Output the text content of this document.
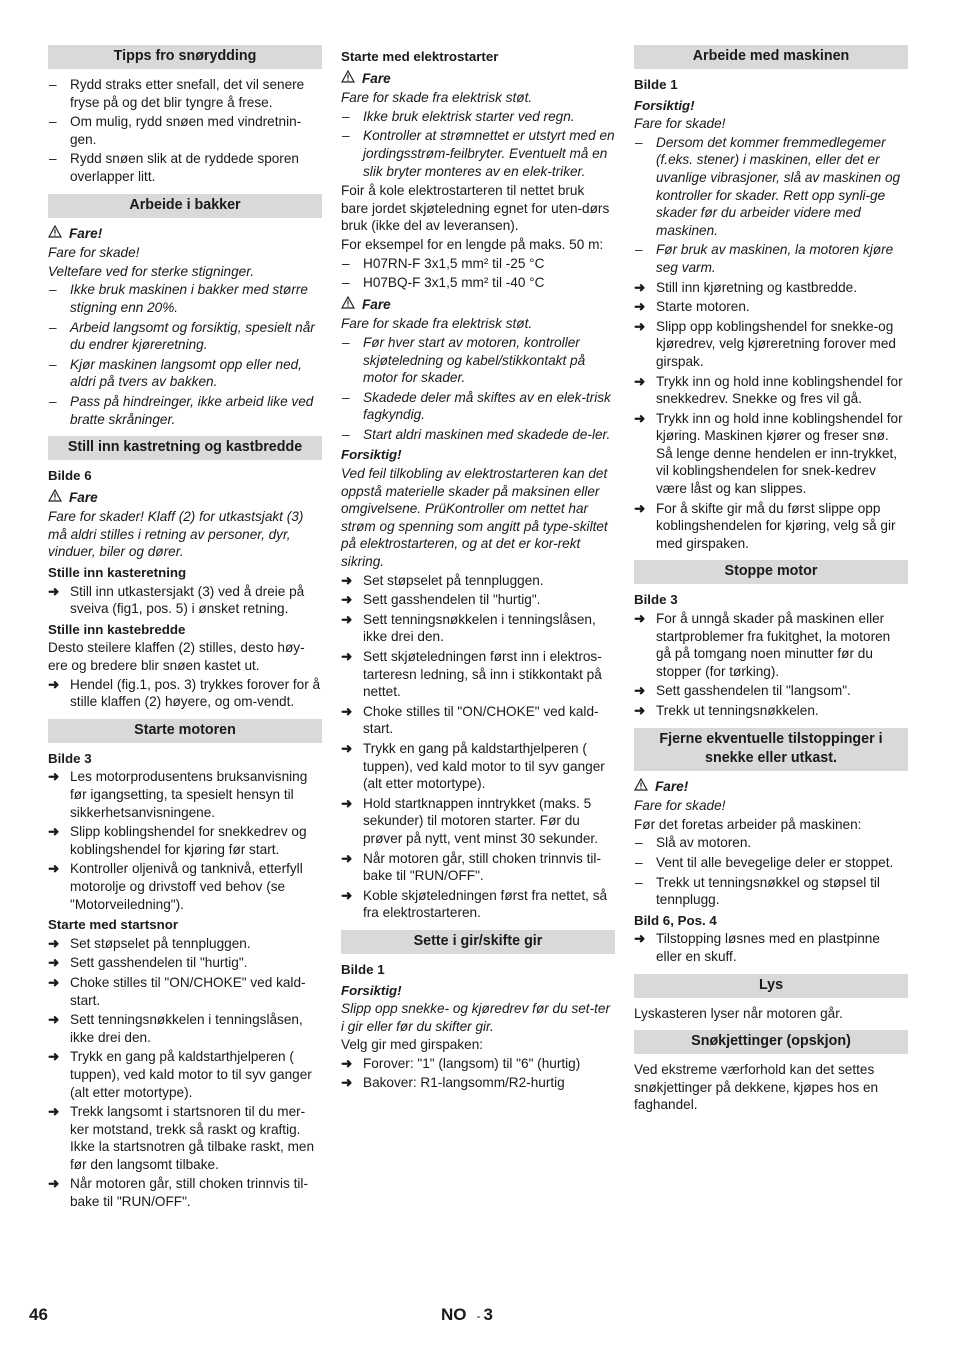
Tipps fro snørydding
– Rydd straks etter snefall, det vil senere fryse på og det blir tyngre å frese.
– Om mulig, rydd snøen med vindretnin-gen.
– Rydd snøen slik at de ryddede sporen overlapper litt.
Arbeide i bakker
Fare!
Fare for skade!
Veltefare ved for sterke stigninger.
– Ikke bruk maskinen i bakker med større stigning enn 20%.
– Arbeid langsomt og forsiktig, spesielt når du endrer kjøreretning.
– Kjør maskinen langsomt opp eller ned, aldri på tvers av bakken.
– Pass på hindreinger, ikke arbeid like ved bratte skråninger.
Still inn kastretning og kastbredde
Bilde 6
Fare
Fare for skader! Klaff (2) for utkastsjakt (3) må aldri stilles i retning av personer, dyr, vinduer, biler og dører.
Stille inn kasteretning
➜ Still inn utkastersjakt (3) ved å dreie på sveiva (fig1, pos. 5) i ønsket retning.
Stille inn kastebredde
Desto steilere klaffen (2) stilles, desto høy-ere og bredere blir snøen kastet ut.
➜ Hendel (fig.1, pos. 3) trykkes forover for å stille klaffen (2) høyere, og om-vendt.
Starte motoren
Bilde 3
➜ Les motorprodusentens bruksanvisning før igangsetting, ta spesielt hensyn til sikkerhetsanvisningene.
➜ Slipp koblingshendel for snekkedrev og koblingshendel for kjøring før start.
➜ Kontroller oljenivå og tanknivå, etterfyll motorolje og drivstoff ved behov (se "Motorveiledning").
Starte med startsnor
➜ Set støpselet på tennpluggen.
➜ Sett gasshendelen til "hurtig".
➜ Choke stilles til "ON/CHOKE" ved kald-start.
➜ Sett tenningsnøkkelen i tenningslåsen, ikke drei den.
➜ Trykk en gang på kaldstarthjelperen ( tuppen), ved kald motor to til syv ganger (alt etter motortype).
➜ Trekk langsomt i startsnoren til du mer-ker motstand, trekk så raskt og kraftig. Ikke la startsnotren gå tilbake raskt, men før den langsomt tilbake.
➜ Når motoren går, still choken trinnvis til-bake til "RUN/OFF".
Starte med elektrostarter
Fare
Fare for skade fra elektrisk støt.
– Ikke bruk elektrisk starter ved regn.
– Kontroller at strømnettet er utstyrt med en jordingsstrøm-feilbryter. Eventuelt må en slik bryter monteres av en elek-triker.
Foir å kole elektrostarteren til nettet bruk bare jordet skjøteledning egnet for uten-dørs bruk (ikke del av leveransen).
For eksempel for en lengde på maks. 50 m:
– H07RN-F 3x1,5 mm² til -25 °C
– H07BQ-F 3x1,5 mm² til -40 °C
Fare
Fare for skade fra elektrisk støt.
– Før hver start av motoren, kontroller skjøteledning og kabel/stikkontakt på motor for skader.
– Skadede deler må skiftes av en elek-trisk fagkyndig.
– Start aldri maskinen med skadede de-ler.
Forsiktig!
Ved feil tilkobling av elektrostarteren kan det oppstå materielle skader på maksinen eller omgivelsene. PrüKontroller om nettet har strøm og spenning som angitt på type-skiltet på elektrostarteren, og at det er kor-rekt sikring.
➜ Set støpselet på tennpluggen.
➜ Sett gasshendelen til "hurtig".
➜ Sett tenningsnøkkelen i tenningslåsen, ikke drei den.
➜ Sett skjøteledningen først inn i elektros-tarteresn ledning, så inn i stikkontakt på nettet.
➜ Choke stilles til "ON/CHOKE" ved kald-start.
➜ Trykk en gang på kaldstarthjelperen ( tuppen), ved kald motor to til syv ganger (alt etter motortype).
➜ Hold startknappen inntrykket (maks. 5 sekunder) til motoren starter. Før du prøver på nytt, vent minst 30 sekunder.
➜ Når motoren går, still choken trinnvis til-bake til "RUN/OFF".
➜ Koble skjøteledningen først fra nettet, så fra elektrostarteren.
Sette i gir/skifte gir
Bilde 1
Forsiktig!
Slipp opp snekke- og kjøredrev før du set-ter i gir eller før du skifter gir.
Velg gir med girspaken:
➜ Forover: "1" (langsom) til "6" (hurtig)
➜ Bakover: R1-langsomm/R2-hurtig
Arbeide med maskinen
Bilde 1
Forsiktig!
Fare for skade!
– Dersom det kommer fremmedlegemer (f.eks. stener) i maskinen, eller det er uvanlige vibrasjoner, slå av maskinen og kontroller for skader. Rett opp synli-ge skader før du arbeider videre med maskinen.
– Før bruk av maskinen, la motoren kjøre seg varm.
➜ Still inn kjøretning og kastbredde.
➜ Starte motoren.
➜ Slipp opp koblingshendel for snekke-og kjøredrev, velg kjøreretning forover med girspak.
➜ Trykk inn og hold inne koblingshendel for snekkedrev. Snekke og fres vil gå.
➜ Trykk inn og hold inne koblingshendel for kjøring. Maskinen kjører og freser snø. Så lenge denne hendelen er inn-trykket, vil koblingshendelen for snek-kedrev være låst og kan slippes.
➜ For å skifte gir må du først slippe opp koblingshendelen for kjøring, velg så gir med girspaken.
Stoppe motor
Bilde 3
➜ For å unngå skader på maskinen eller startproblemer fra fukitghet, la motoren gå på tomgang noen minutter før du stopper (for tørking).
➜ Sett gasshendelen til "langsom".
➜ Trekk ut tenningsnøkkelen.
Fjerne ekventuelle tilstoppinger i snekke eller utkast.
Fare!
Fare for skade!
Før det foretas arbeider på maskinen:
– Slå av motoren.
– Vent til alle bevegelige deler er stoppet.
– Trekk ut tenningsnøkkel og støpsel til tennplugg.
Bild 6, Pos. 4
➜ Tilstopping løsnes med en plastpinne eller en skuff.
Lys
Lyskasteren lyser når motoren går.
Snøkjettinger (opskjon)
Ved ekstreme værforhold kan det settes snøkjettinger på dekkene, kjøpes hos en faghandel.
46	NO - 3
